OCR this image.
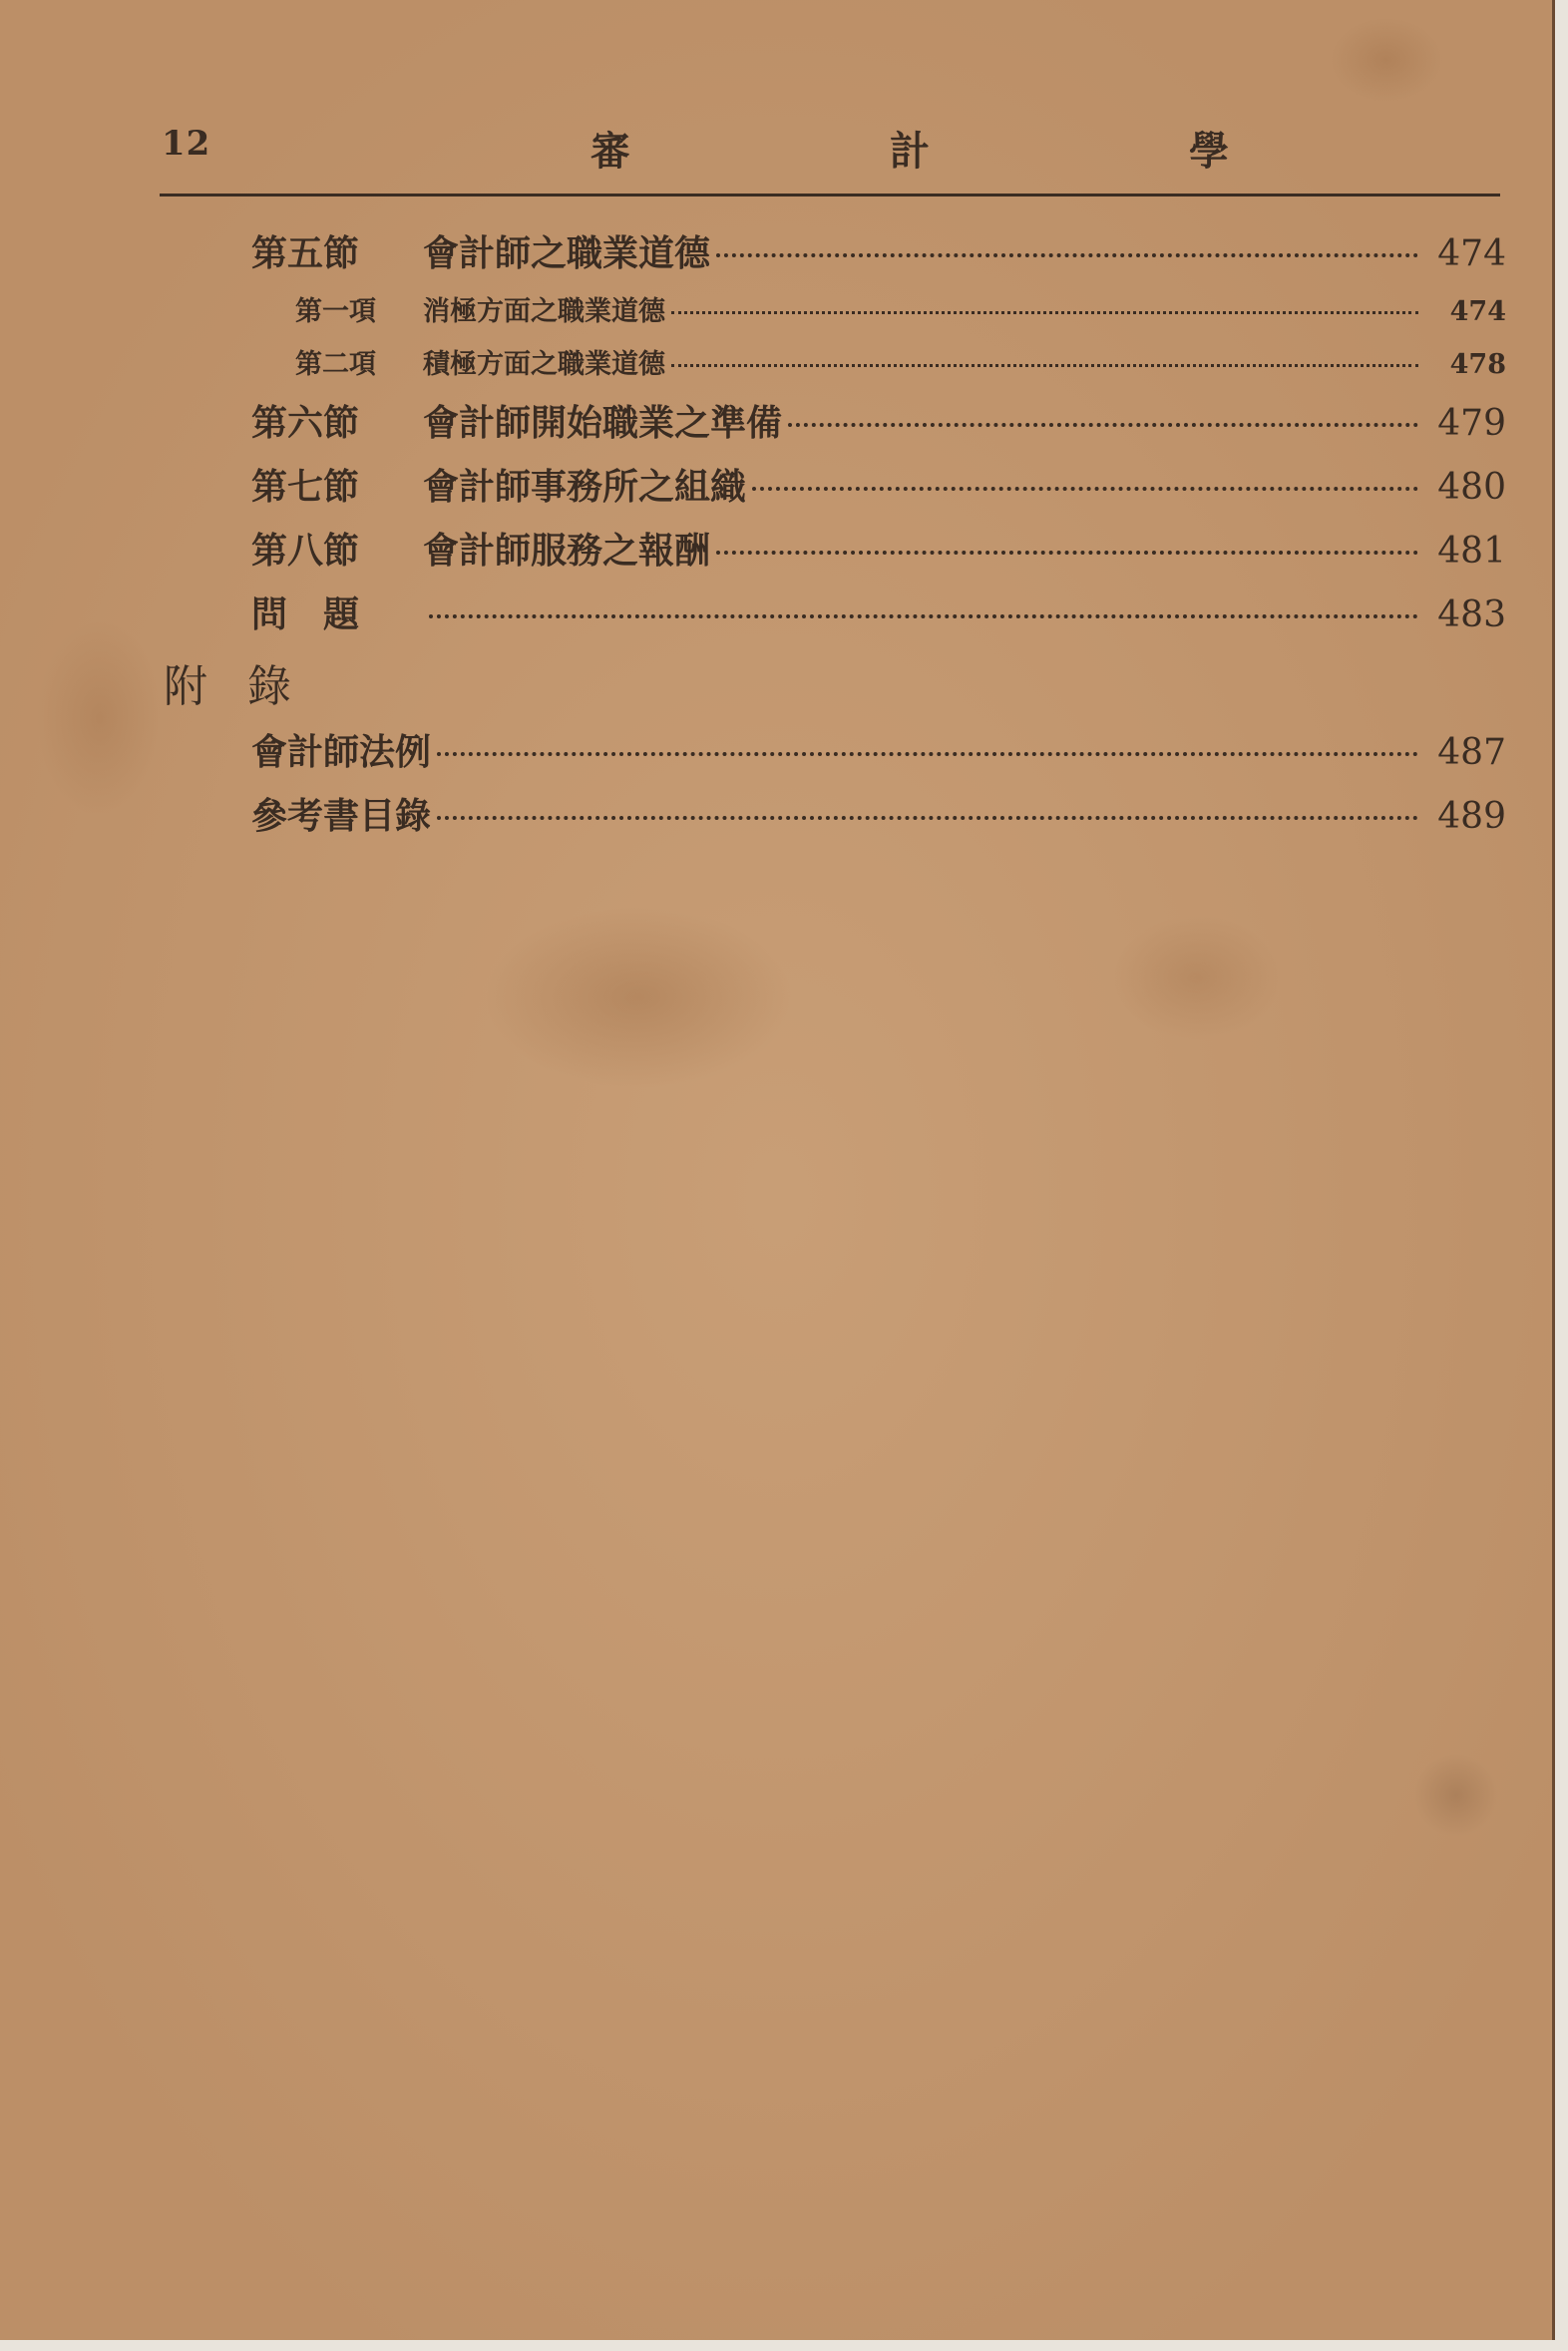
12	審	計	學
第五節	會計師之職業道德	474
第一項	消極方面之職業道德	474
第二項	積極方面之職業道德	478
第六節	會計師開始職業之準備	479
第七節	會計師事務所之組織	480
第八節	會計師服務之報酬	481
問　題	483
附錄
會計師法例	487
參考書目錄	489
